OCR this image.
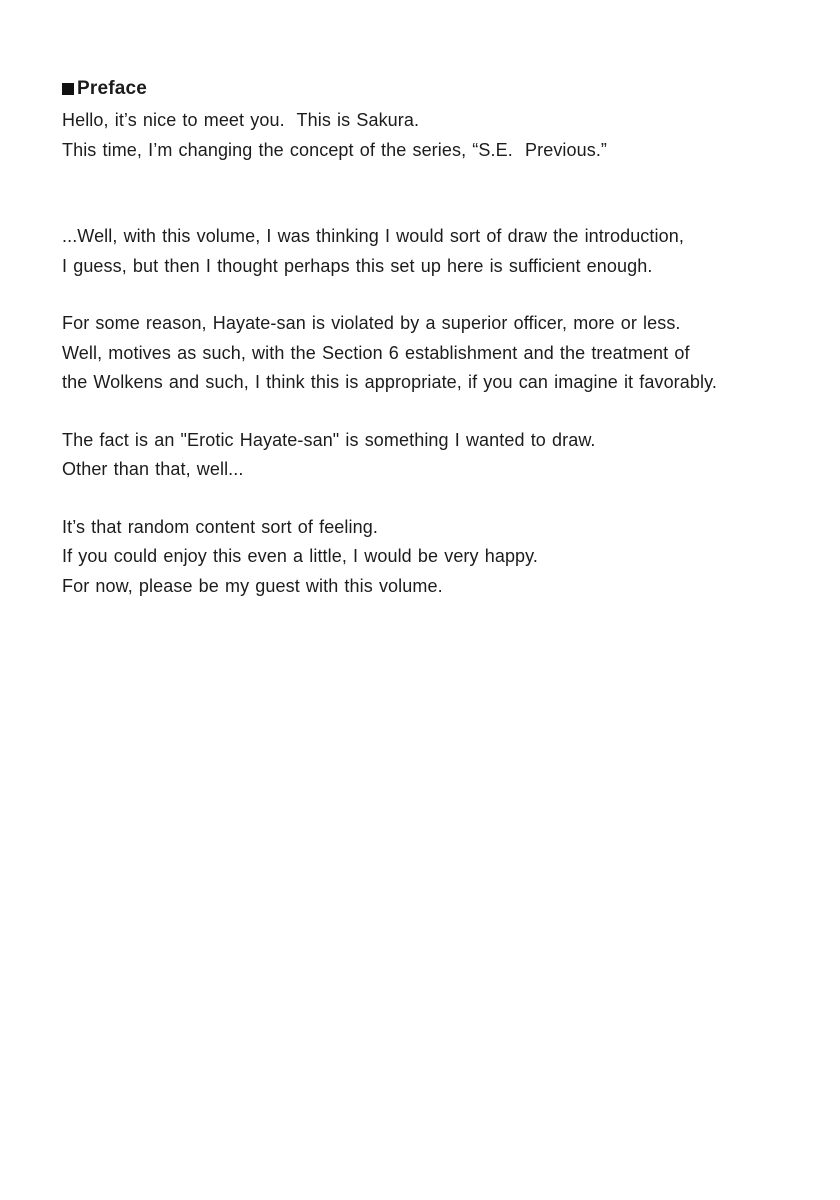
Preface
Hello, it’s nice to meet you.  This is Sakura.
This time, I’m changing the concept of the series, “S.E.  Previous.”
...Well, with this volume, I was thinking I would sort of draw the introduction,
I guess, but then I thought perhaps this set up here is sufficient enough.
For some reason, Hayate-san is violated by a superior officer, more or less.
Well, motives as such, with the Section 6 establishment and the treatment of
the Wolkens and such, I think this is appropriate, if you can imagine it favorably.
The fact is an "Erotic Hayate-san" is something I wanted to draw.
Other than that, well...
It’s that random content sort of feeling.
If you could enjoy this even a little, I would be very happy.
For now, please be my guest with this volume.
